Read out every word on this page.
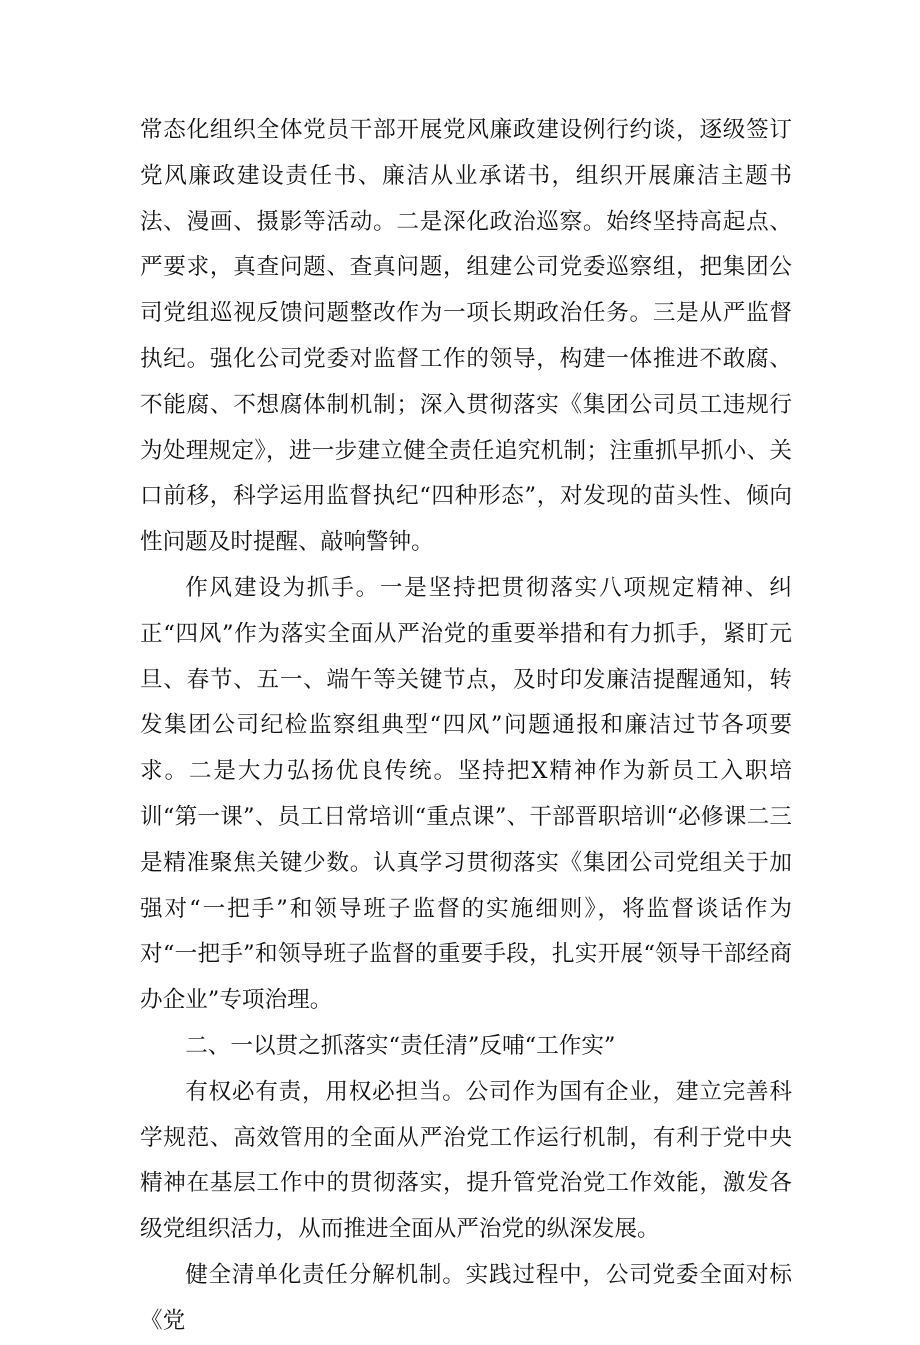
常态化组织全体党员干部开展党风廉政建设例行约谈，逐级签订党风廉政建设责任书、廉洁从业承诺书，组织开展廉洁主题书法、漫画、摄影等活动。二是深化政治巡察。始终坚持高起点、严要求，真查问题、查真问题，组建公司党委巡察组，把集团公司党组巡视反馈问题整改作为一项长期政治任务。三是从严监督执纪。强化公司党委对监督工作的领导，构建一体推进不敢腐、不能腐、不想腐体制机制；深入贯彻落实《集团公司员工违规行为处理规定》，进一步建立健全责任追究机制；注重抓早抓小、关口前移，科学运用监督执纪“四种形态”，对发现的苗头性、倾向性问题及时提醒、敲响警钟。

作风建设为抓手。一是坚持把贯彻落实八项规定精神、纠正“四风”作为落实全面从严治党的重要举措和有力抓手，紧盯元旦、春节、五一、端午等关键节点，及时印发廉洁提醒通知，转发集团公司纪检监察组典型“四风”问题通报和廉洁过节各项要求。二是大力弘扬优良传统。坚持把X精神作为新员工入职培训“第一课”、员工日常培训“重点课”、干部晋职培训“必修课二三是精准聚焦关键少数。认真学习贯彻落实《集团公司党组关于加强对“一把手”和领导班子监督的实施细则》，将监督谈话作为对“一把手”和领导班子监督的重要手段，扎实开展“领导干部经商办企业”专项治理。

二、一以贯之抓落实“责任清”反哺“工作实”

有权必有责，用权必担当。公司作为国有企业，建立完善科学规范、高效管用的全面从严治党工作运行机制，有利于党中央精神在基层工作中的贯彻落实，提升管党治党工作效能，激发各级党组织活力，从而推进全面从严治党的纵深发展。

健全清单化责任分解机制。实践过程中，公司党委全面对标《党
